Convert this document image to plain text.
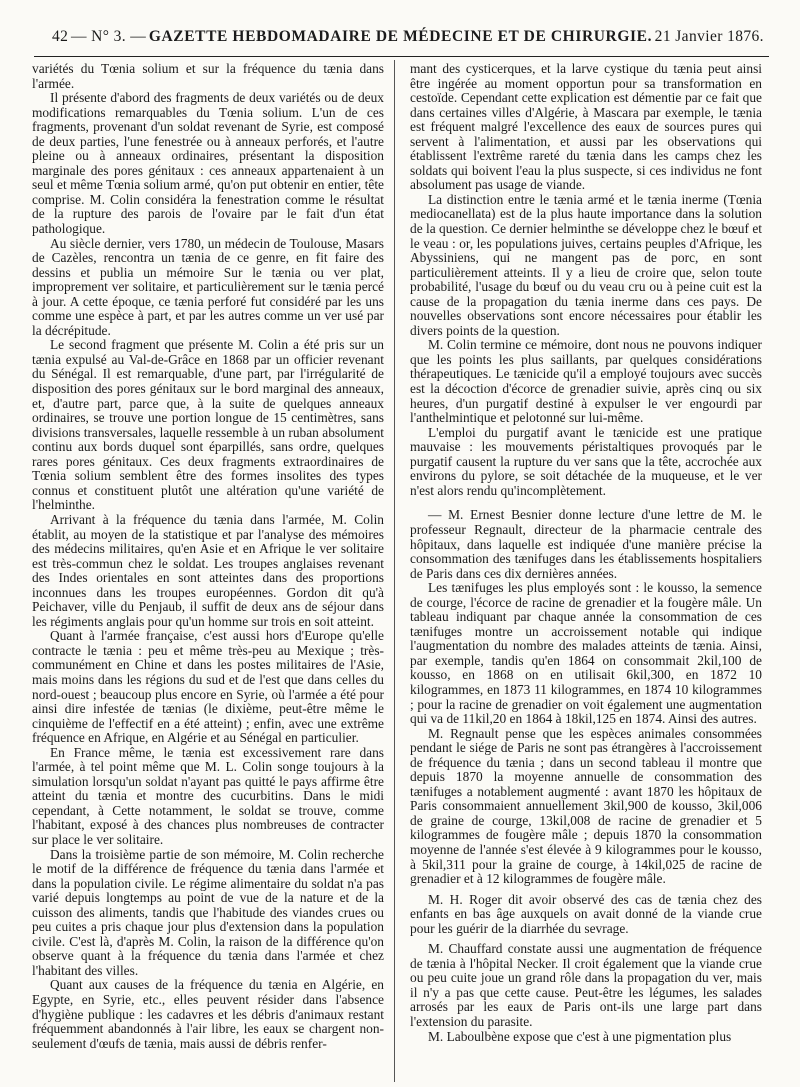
42 — N° 3. — GAZETTE HEBDOMADAIRE DE MÉDECINE ET DE CHIRURGIE. 21 Janvier 1876.

variétés du Tœnia solium et sur la fréquence du tænia dans l'armée.

Il présente d'abord des fragments de deux variétés ou de deux modifications remarquables du Tœnia solium. L'un de ces fragments, provenant d'un soldat revenant de Syrie, est composé de deux parties, l'une fenestrée ou à anneaux perforés, et l'autre pleine ou à anneaux ordinaires, présentant la disposition marginale des pores génitaux : ces anneaux appartenaient à un seul et même Tœnia solium armé, qu'on put obtenir en entier, tête comprise. M. Colin considéra la fenestration comme le résultat de la rupture des parois de l'ovaire par le fait d'un état pathologique.

Au siècle dernier, vers 1780, un médecin de Toulouse, Masars de Cazèles, rencontra un tænia de ce genre, en fit faire des dessins et publia un mémoire Sur le tænia ou ver plat, improprement ver solitaire, et particulièrement sur le tænia percé à jour. A cette époque, ce tænia perforé fut considéré par les uns comme une espèce à part, et par les autres comme un ver usé par la décrépitude.

Le second fragment que présente M. Colin a été pris sur un tænia expulsé au Val-de-Grâce en 1868 par un officier revenant du Sénégal. Il est remarquable, d'une part, par l'irrégularité de disposition des pores génitaux sur le bord marginal des anneaux, et, d'autre part, parce que, à la suite de quelques anneaux ordinaires, se trouve une portion longue de 15 centimètres, sans divisions transversales, laquelle ressemble à un ruban absolument continu aux bords duquel sont éparpillés, sans ordre, quelques rares pores génitaux. Ces deux fragments extraordinaires de Tœnia solium semblent être des formes insolites des types connus et constituent plutôt une altération qu'une variété de l'helminthe.

Arrivant à la fréquence du tænia dans l'armée, M. Colin établit, au moyen de la statistique et par l'analyse des mémoires des médecins militaires, qu'en Asie et en Afrique le ver solitaire est très-commun chez le soldat. Les troupes anglaises revenant des Indes orientales en sont atteintes dans des proportions inconnues dans les troupes européennes. Gordon dit qu'à Peichaver, ville du Penjaub, il suffit de deux ans de séjour dans les régiments anglais pour qu'un homme sur trois en soit atteint.

Quant à l'armée française, c'est aussi hors d'Europe qu'elle contracte le tænia : peu et même très-peu au Mexique ; très-communément en Chine et dans les postes militaires de l'Asie, mais moins dans les régions du sud et de l'est que dans celles du nord-ouest ; beaucoup plus encore en Syrie, où l'armée a été pour ainsi dire infestée de tænias (le dixième, peut-être même le cinquième de l'effectif en a été atteint) ; enfin, avec une extrême fréquence en Afrique, en Algérie et au Sénégal en particulier.

En France même, le tænia est excessivement rare dans l'armée, à tel point même que M. L. Colin songe toujours à la simulation lorsqu'un soldat n'ayant pas quitté le pays affirme être atteint du tænia et montre des cucurbitins. Dans le midi cependant, à Cette notamment, le soldat se trouve, comme l'habitant, exposé à des chances plus nombreuses de contracter sur place le ver solitaire.

Dans la troisième partie de son mémoire, M. Colin recherche le motif de la différence de fréquence du tænia dans l'armée et dans la population civile. Le régime alimentaire du soldat n'a pas varié depuis longtemps au point de vue de la nature et de la cuisson des aliments, tandis que l'habitude des viandes crues ou peu cuites a pris chaque jour plus d'extension dans la population civile. C'est là, d'après M. Colin, la raison de la différence qu'on observe quant à la fréquence du tænia dans l'armée et chez l'habitant des villes.

Quant aux causes de la fréquence du tænia en Algérie, en Egypte, en Syrie, etc., elles peuvent résider dans l'absence d'hygiène publique : les cadavres et les débris d'animaux restant fréquemment abandonnés à l'air libre, les eaux se chargent non-seulement d'œufs de tænia, mais aussi de débris renfer-

mant des cysticerques, et la larve cystique du tænia peut ainsi être ingérée au moment opportun pour sa transformation en cestoïde. Cependant cette explication est démentie par ce fait que dans certaines villes d'Algérie, à Mascara par exemple, le tænia est fréquent malgré l'excellence des eaux de sources pures qui servent à l'alimentation, et aussi par les observations qui établissent l'extrême rareté du tænia dans les camps chez les soldats qui boivent l'eau la plus suspecte, si ces individus ne font absolument pas usage de viande.

La distinction entre le tænia armé et le tænia inerme (Tœnia mediocanellata) est de la plus haute importance dans la solution de la question. Ce dernier helminthe se développe chez le bœuf et le veau : or, les populations juives, certains peuples d'Afrique, les Abyssiniens, qui ne mangent pas de porc, en sont particulièrement atteints. Il y a lieu de croire que, selon toute probabilité, l'usage du bœuf ou du veau cru ou à peine cuit est la cause de la propagation du tænia inerme dans ces pays. De nouvelles observations sont encore nécessaires pour établir les divers points de la question.

M. Colin termine ce mémoire, dont nous ne pouvons indiquer que les points les plus saillants, par quelques considérations thérapeutiques. Le tænicide qu'il a employé toujours avec succès est la décoction d'écorce de grenadier suivie, après cinq ou six heures, d'un purgatif destiné à expulser le ver engourdi par l'anthelmintique et pelotonné sur lui-même.

L'emploi du purgatif avant le tænicide est une pratique mauvaise : les mouvements péristaltiques provoqués par le purgatif causent la rupture du ver sans que la tête, accrochée aux environs du pylore, se soit détachée de la muqueuse, et le ver n'est alors rendu qu'incomplètement.

— M. Ernest Besnier donne lecture d'une lettre de M. le professeur Regnault, directeur de la pharmacie centrale des hôpitaux, dans laquelle est indiquée d'une manière précise la consommation des tænifuges dans les établissements hospitaliers de Paris dans ces dix dernières années.

Les tænifuges les plus employés sont : le kousso, la semence de courge, l'écorce de racine de grenadier et la fougère mâle. Un tableau indiquant par chaque année la consommation de ces tænifuges montre un accroissement notable qui indique l'augmentation du nombre des malades atteints de tænia. Ainsi, par exemple, tandis qu'en 1864 on consommait 2kil,100 de kousso, en 1868 on en utilisait 6kil,300, en 1872 10 kilogrammes, en 1873 11 kilogrammes, en 1874 10 kilogrammes ; pour la racine de grenadier on voit également une augmentation qui va de 11kil,20 en 1864 à 18kil,125 en 1874. Ainsi des autres.

M. Regnault pense que les espèces animales consommées pendant le siége de Paris ne sont pas étrangères à l'accroissement de fréquence du tænia ; dans un second tableau il montre que depuis 1870 la moyenne annuelle de consommation des tænifuges a notablement augmenté : avant 1870 les hôpitaux de Paris consommaient annuellement 3kil,900 de kousso, 3kil,006 de graine de courge, 13kil,008 de racine de grenadier et 5 kilogrammes de fougère mâle ; depuis 1870 la consommation moyenne de l'année s'est élevée à 9 kilogrammes pour le kousso, à 5kil,311 pour la graine de courge, à 14kil,025 de racine de grenadier et à 12 kilogrammes de fougère mâle.

M. H. Roger dit avoir observé des cas de tænia chez des enfants en bas âge auxquels on avait donné de la viande crue pour les guérir de la diarrhée du sevrage.

M. Chauffard constate aussi une augmentation de fréquence de tænia à l'hôpital Necker. Il croit également que la viande crue ou peu cuite joue un grand rôle dans la propagation du ver, mais il n'y a pas que cette cause. Peut-être les légumes, les salades arrosés par les eaux de Paris ont-ils une large part dans l'extension du parasite.

M. Laboulbène expose que c'est à une pigmentation plus
